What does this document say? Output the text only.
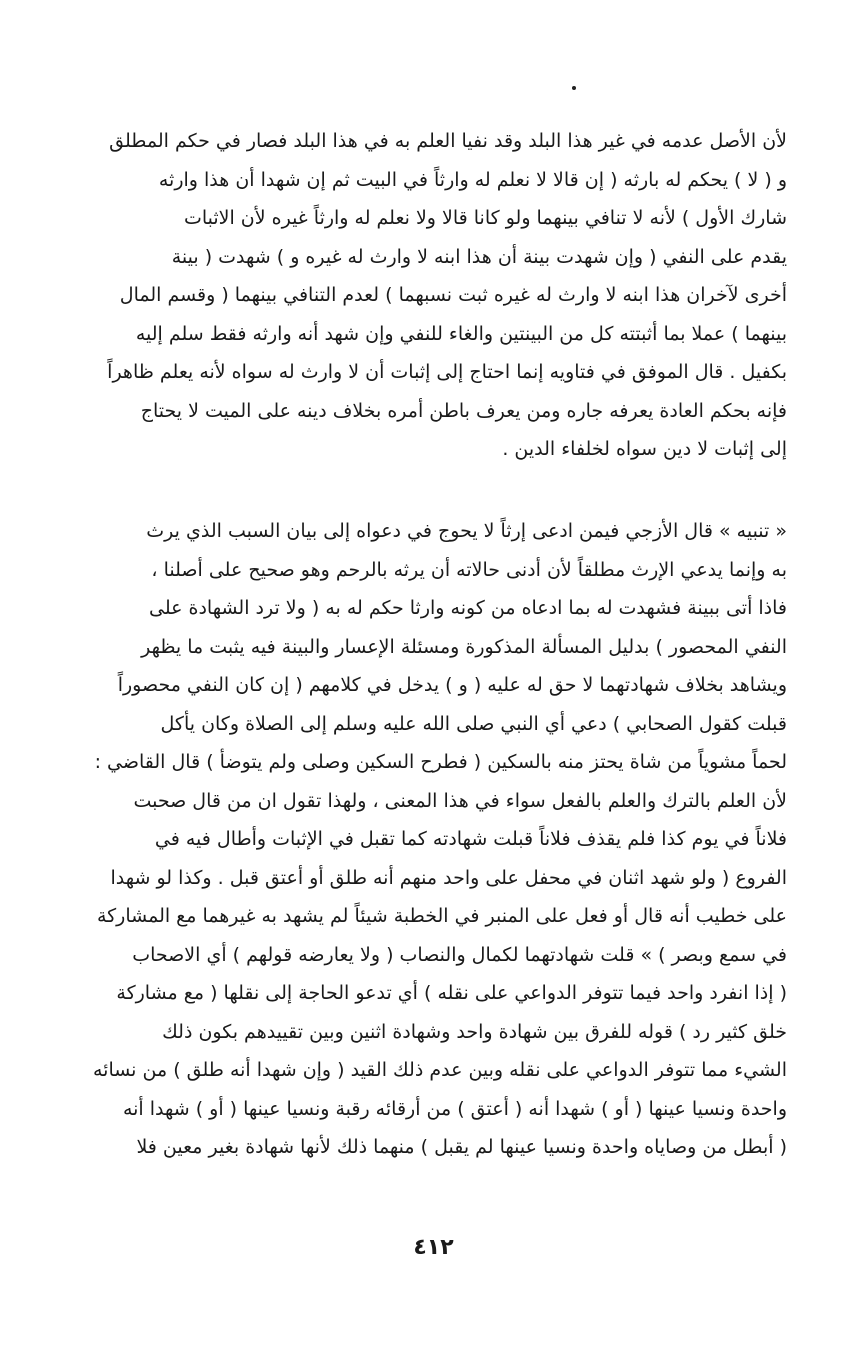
لأن الأصل عدمه في غير هذا البلد وقد نفيا العلم به في هذا البلد فصار في حكم المطلق
و ( لا ) يحكم له بارثه ( إن قالا لا نعلم له وارثاً في البيت ثم إن شهدا أن هذا وارثه
شارك الأول ) لأنه لا تنافي بينهما ولو كانا قالا ولا نعلم له وارثاً غيره لأن الاثبات
يقدم على النفي ( وإن شهدت بينة أن هذا ابنه لا وارث له غيره و ) شهدت ( بينة
أخرى لآخران هذا ابنه لا وارث له غيره ثبت نسبهما ) لعدم التنافي بينهما ( وقسم المال
بينهما ) عملا بما أثبتته كل من البينتين والغاء للنفي وإن شهد أنه وارثه فقط سلم إليه
بكفيل . قال الموفق في فتاويه إنما احتاج إلى إثبات أن لا وارث له سواه لأنه يعلم ظاهراً
فإنه بحكم العادة يعرفه جاره ومن يعرف باطن أمره بخلاف دينه على الميت لا يحتاج
إلى إثبات لا دين سواه لخلفاء الدين .
« تنبيه » قال الأزجي فيمن ادعى إرثاً لا يحوج في دعواه إلى بيان السبب الذي يرث
به وإنما يدعي الإرث مطلقاً لأن أدنى حالاته أن يرثه بالرحم وهو صحيح على أصلنا ،
فاذا أتى ببينة فشهدت له بما ادعاه من كونه وارثا حكم له به ( ولا ترد الشهادة على
النفي المحصور ) بدليل المسألة المذكورة ومسئلة الإعسار والبينة فيه يثبت ما يظهر
ويشاهد بخلاف شهادتهما لا حق له عليه ( و ) يدخل في كلامهم ( إن كان النفي محصوراً
قبلت كقول الصحابي ) دعي أي النبي صلى الله عليه وسلم إلى الصلاة وكان يأكل
لحماً مشوياً من شاة يحتز منه بالسكين ( فطرح السكين وصلى ولم يتوضأ ) قال القاضي :
لأن العلم بالترك والعلم بالفعل سواء في هذا المعنى ، ولهذا تقول ان من قال صحبت
فلاناً في يوم كذا فلم يقذف فلاناً قبلت شهادته كما تقبل في الإثبات وأطال فيه في
الفروع ( ولو شهد اثنان في محفل على واحد منهم أنه طلق أو أعتق قبل . وكذا لو شهدا
على خطيب أنه قال أو فعل على المنبر في الخطبة شيئاً لم يشهد به غيرهما مع المشاركة
في سمع وبصر ) » قلت شهادتهما لكمال والنصاب ( ولا يعارضه قولهم ) أي الاصحاب
( إذا انفرد واحد فيما تتوفر الدواعي على نقله ) أي تدعو الحاجة إلى نقلها ( مع مشاركة
خلق كثير رد ) قوله للفرق بين شهادة واحد وشهادة اثنين وبين تقييدهم بكون ذلك
الشيء مما تتوفر الدواعي على نقله وبين عدم ذلك القيد ( وإن شهدا أنه طلق ) من نسائه
واحدة ونسيا عينها ( أو ) شهدا أنه ( أعتق ) من أرقائه رقبة ونسيا عينها ( أو ) شهدا أنه
( أبطل من وصاياه واحدة ونسيا عينها لم يقبل ) منهما ذلك لأنها شهادة بغير معين فلا
٤١٢
